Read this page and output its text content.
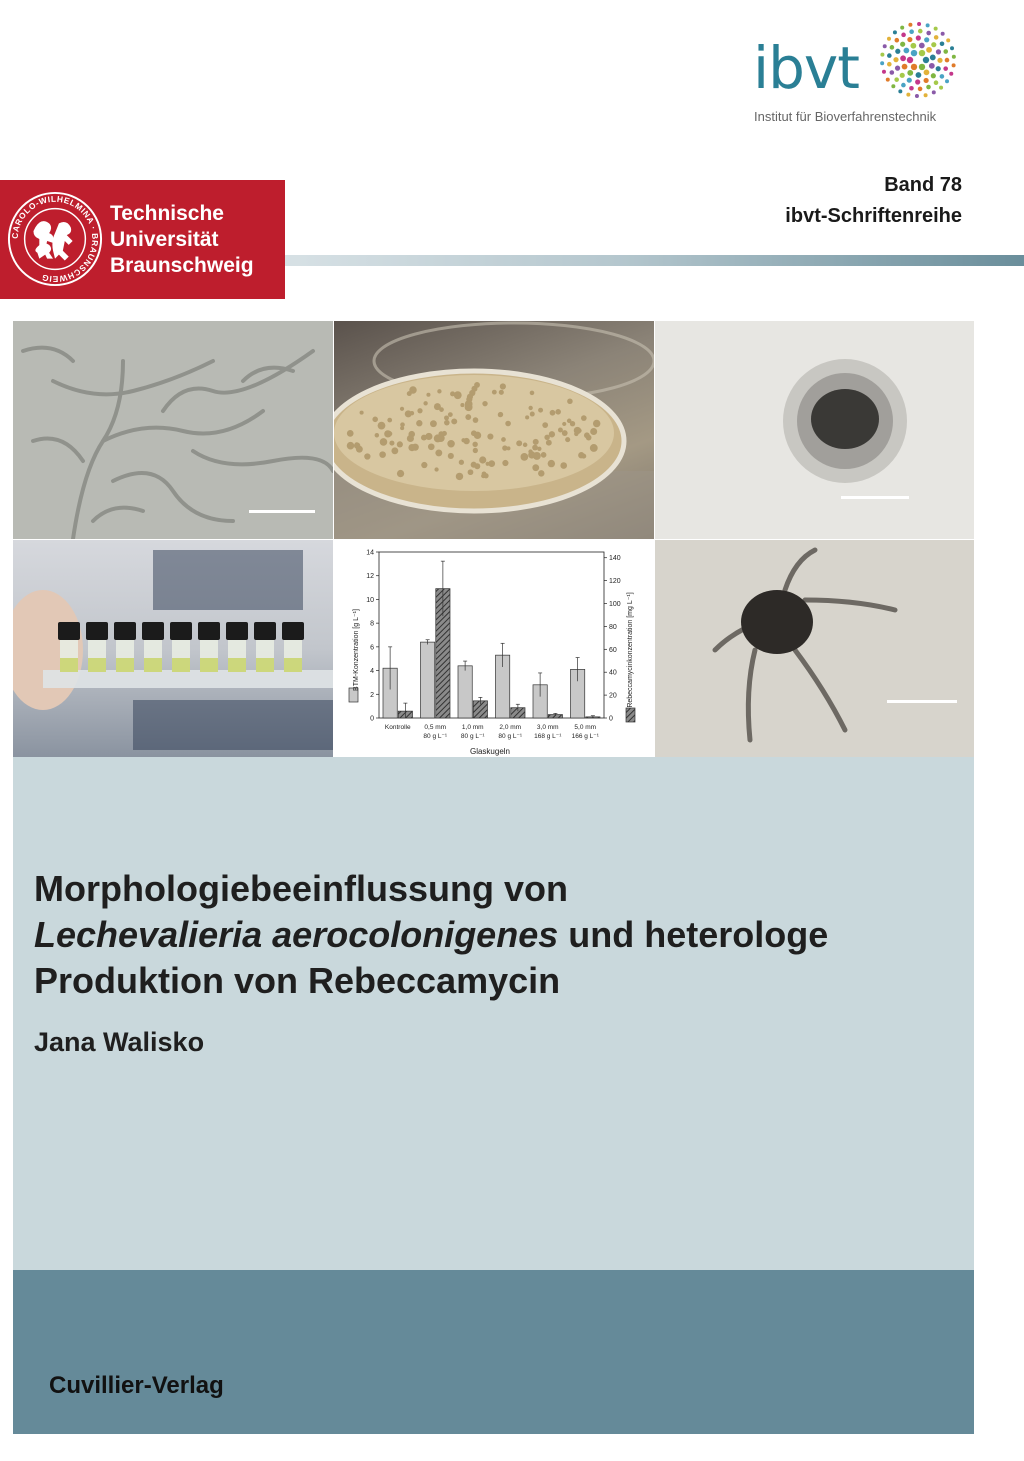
ibvt
Institut für Bioverfahrenstechnik
Band 78
ibvt-Schriftenreihe
CAROLO-WILHELMINA · BRAUNSCHWEIG
Technische
Universität
Braunschweig
0
2
4
6
8
10
12
14
0
20
40
60
80
100
120
140
Kontrolle 0,5 mm
80 g L⁻¹
1,0 mm
80 g L⁻¹
2,0 mm
80 g L⁻¹
3,0 mm
168 g L⁻¹
5,0 mm
166 g L⁻¹
Glaskugeln
BTM-Konzentration [g L⁻¹]	Rebeccamycinkonzentration [mg L⁻¹]
Morphologiebeeinflussung von
Lechevalieria aerocolonigenes und heterologe
Produktion von Rebeccamycin
Jana Walisko
Cuvillier-Verlag
